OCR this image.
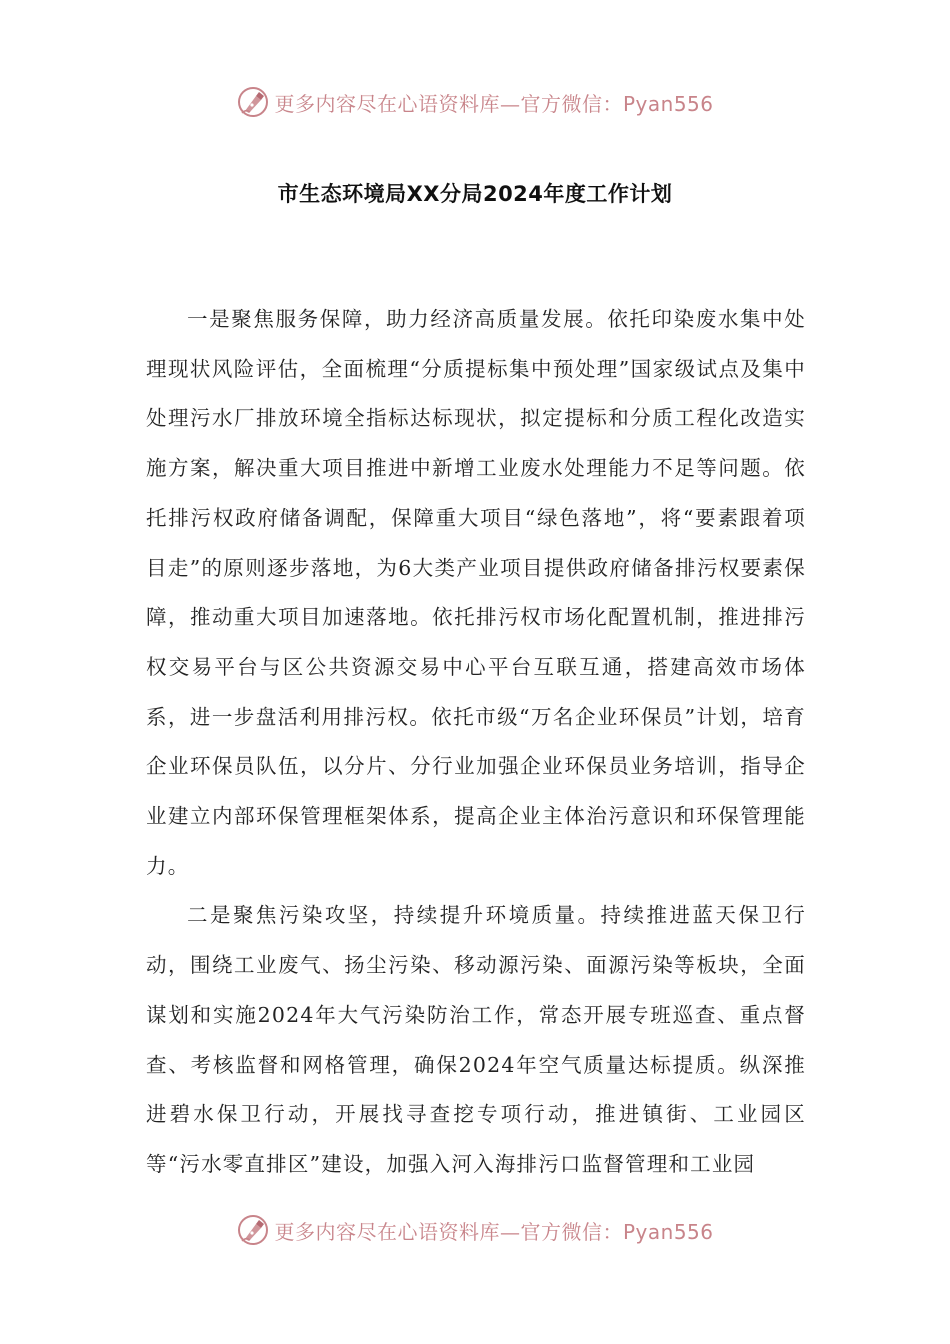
更多内容尽在心语资料库—官方微信：Pyan556
市生态环境局XX分局2024年度工作计划

一是聚焦服务保障，助力经济高质量发展。依托印染废水集中处理现状风险评估，全面梳理“分质提标集中预处理”国家级试点及集中处理污水厂排放环境全指标达标现状，拟定提标和分质工程化改造实施方案，解决重大项目推进中新增工业废水处理能力不足等问题。依托排污权政府储备调配，保障重大项目“绿色落地”，将“要素跟着项目走”的原则逐步落地，为6大类产业项目提供政府储备排污权要素保障，推动重大项目加速落地。依托排污权市场化配置机制，推进排污权交易平台与区公共资源交易中心平台互联互通，搭建高效市场体系，进一步盘活利用排污权。依托市级“万名企业环保员”计划，培育企业环保员队伍，以分片、分行业加强企业环保员业务培训，指导企业建立内部环保管理框架体系，提高企业主体治污意识和环保管理能力。

二是聚焦污染攻坚，持续提升环境质量。持续推进蓝天保卫行动，围绕工业废气、扬尘污染、移动源污染、面源污染等板块，全面谋划和实施2024年大气污染防治工作，常态开展专班巡查、重点督查、考核监督和网格管理，确保2024年空气质量达标提质。纵深推进碧水保卫行动，开展找寻查挖专项行动，推进镇街、工业园区等“污水零直排区”建设，加强入河入海排污口监督管理和工业园

更多内容尽在心语资料库—官方微信：Pyan556
